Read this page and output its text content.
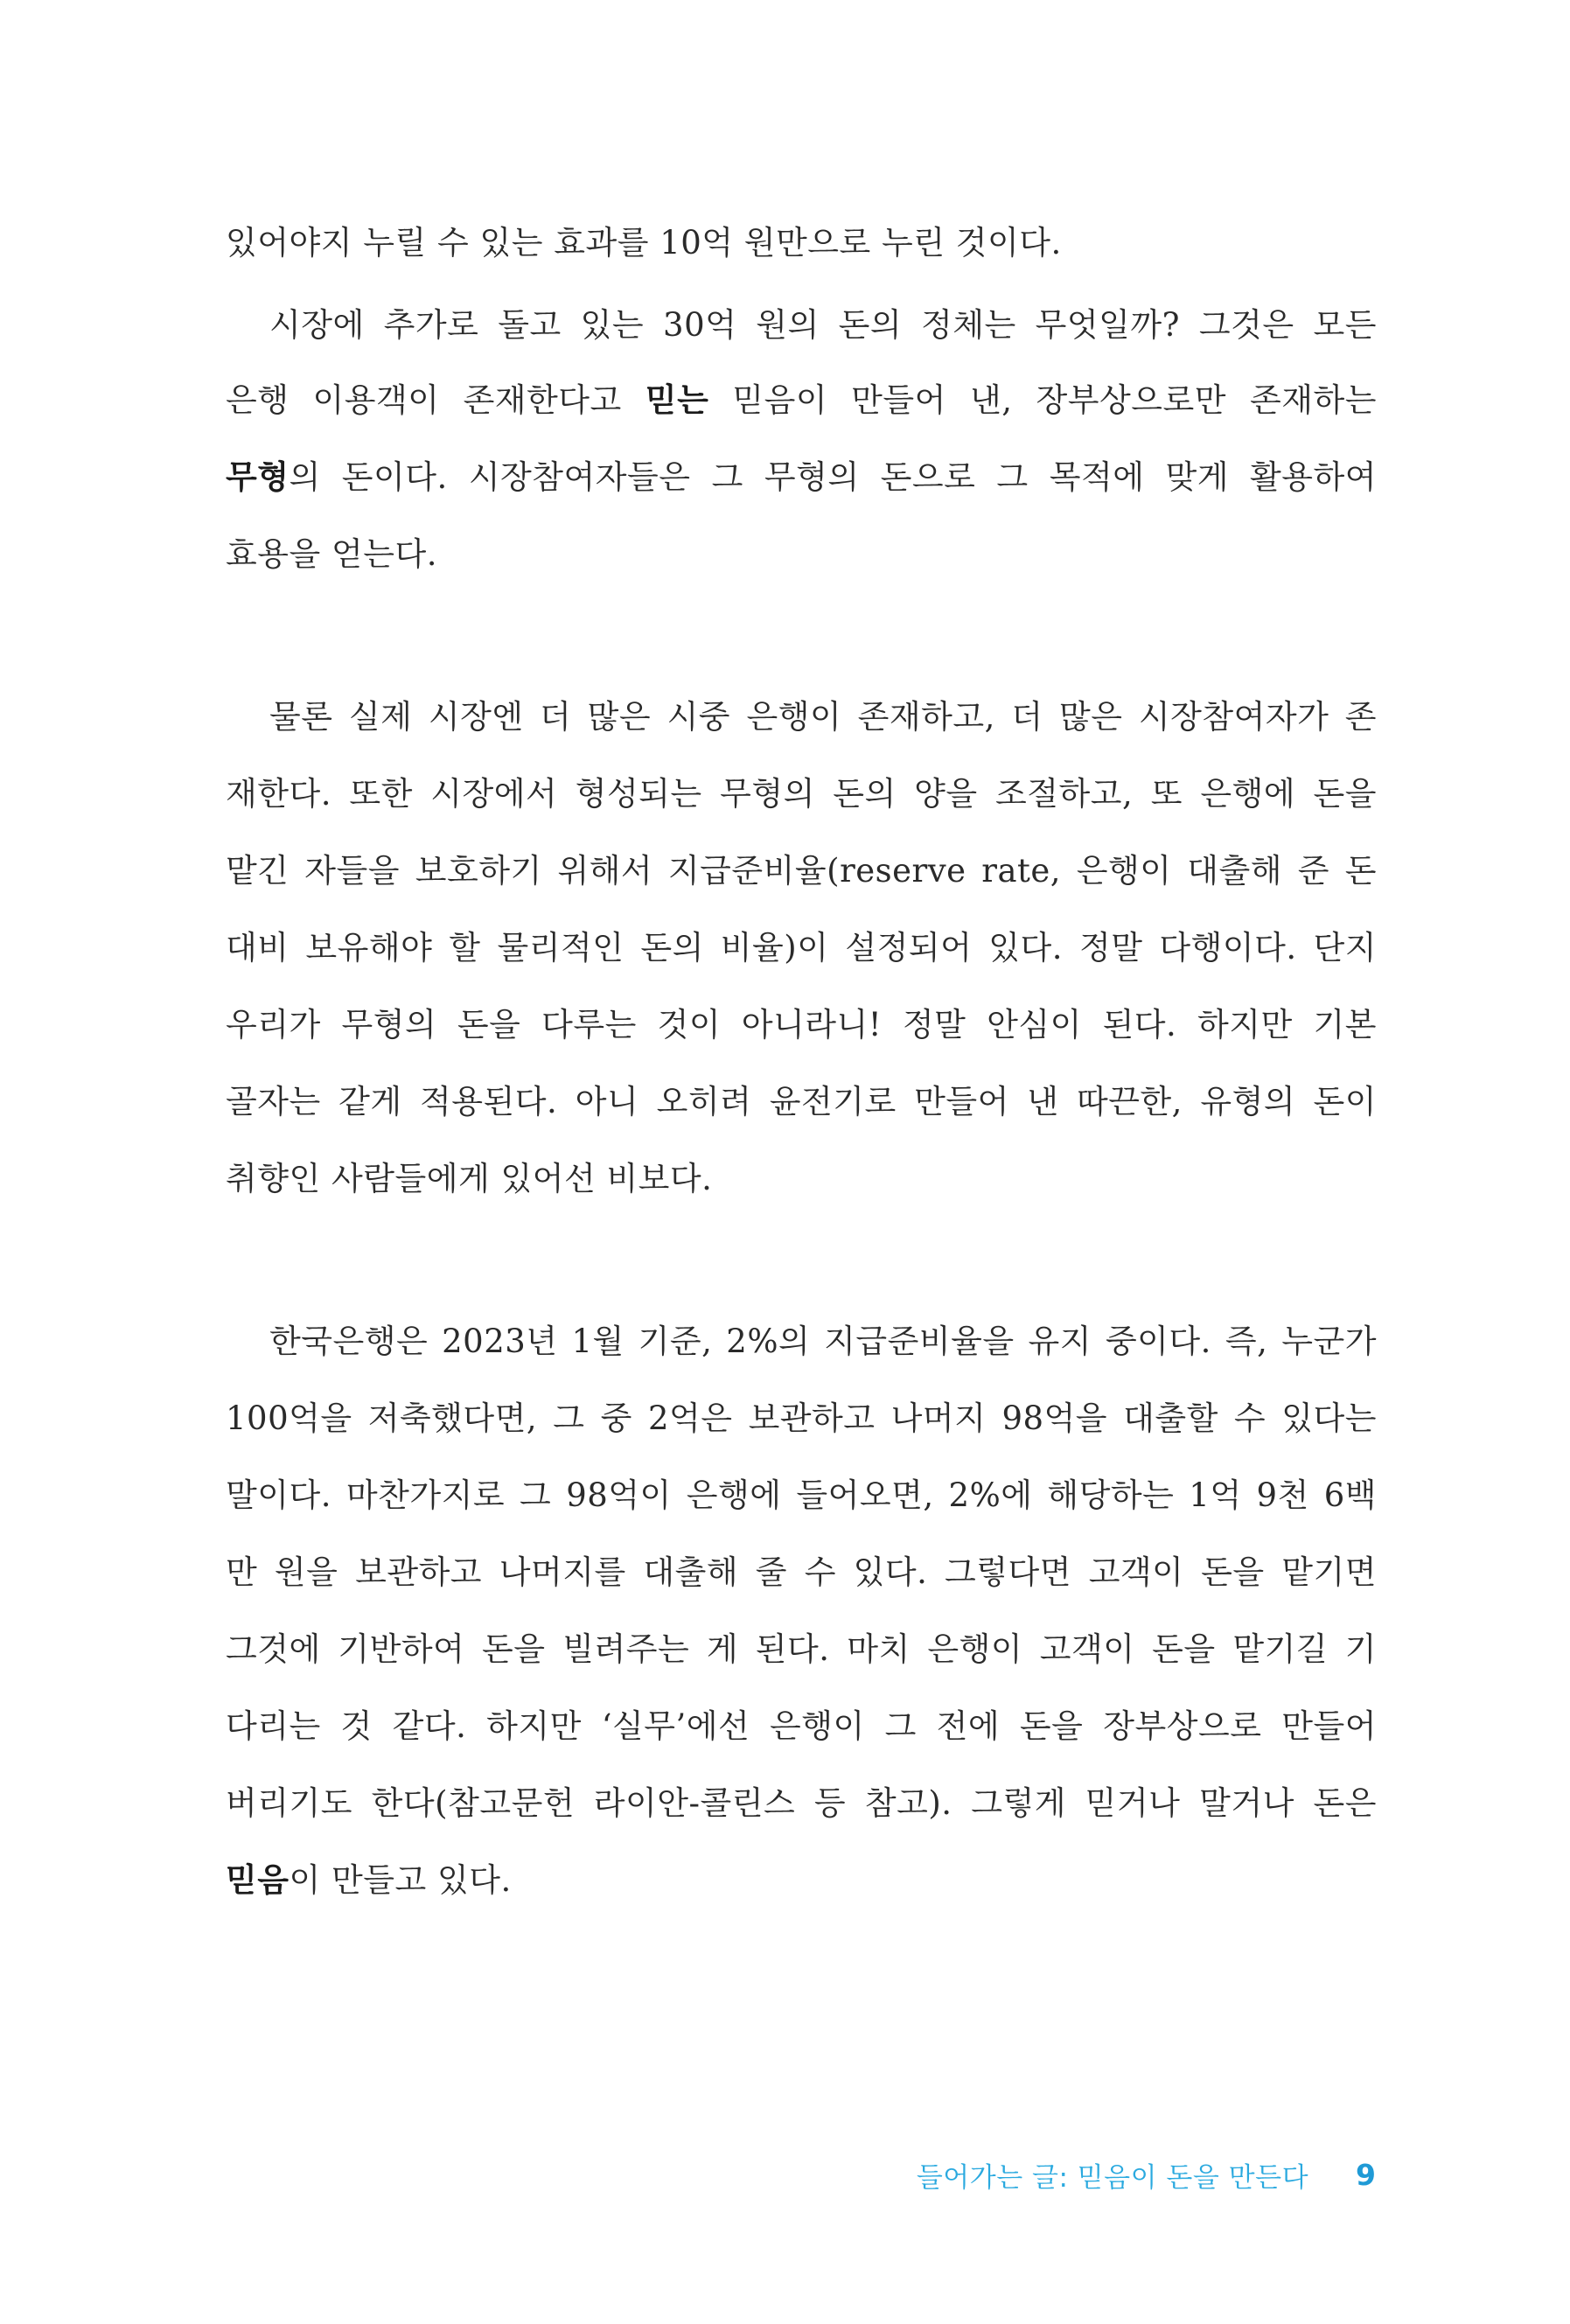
있어야지 누릴 수 있는 효과를 10억 원만으로 누린 것이다.
시장에 추가로 돌고 있는 30억 원의 돈의 정체는 무엇일까? 그것은 모든
은행 이용객이 존재한다고 믿는 믿음이 만들어 낸, 장부상으로만 존재하는
무형의 돈이다. 시장참여자들은 그 무형의 돈으로 그 목적에 맞게 활용하여
효용을 얻는다.
물론 실제 시장엔 더 많은 시중 은행이 존재하고, 더 많은 시장참여자가 존
재한다. 또한 시장에서 형성되는 무형의 돈의 양을 조절하고, 또 은행에 돈을
맡긴 자들을 보호하기 위해서 지급준비율(reserve rate, 은행이 대출해 준 돈
대비 보유해야 할 물리적인 돈의 비율)이 설정되어 있다. 정말 다행이다. 단지
우리가 무형의 돈을 다루는 것이 아니라니! 정말 안심이 된다. 하지만 기본
골자는 같게 적용된다. 아니 오히려 윤전기로 만들어 낸 따끈한, 유형의 돈이
취향인 사람들에게 있어선 비보다.
한국은행은 2023년 1월 기준, 2%의 지급준비율을 유지 중이다. 즉, 누군가
100억을 저축했다면, 그 중 2억은 보관하고 나머지 98억을 대출할 수 있다는
말이다. 마찬가지로 그 98억이 은행에 들어오면, 2%에 해당하는 1억 9천 6백
만 원을 보관하고 나머지를 대출해 줄 수 있다. 그렇다면 고객이 돈을 맡기면
그것에 기반하여 돈을 빌려주는 게 된다. 마치 은행이 고객이 돈을 맡기길 기
다리는 것 같다. 하지만 ‘실무’에선 은행이 그 전에 돈을 장부상으로 만들어
버리기도 한다(참고문헌 라이안-콜린스 등 참고). 그렇게 믿거나 말거나 돈은
믿음이 만들고 있다.
들어가는 글: 믿음이 돈을 만든다 9
